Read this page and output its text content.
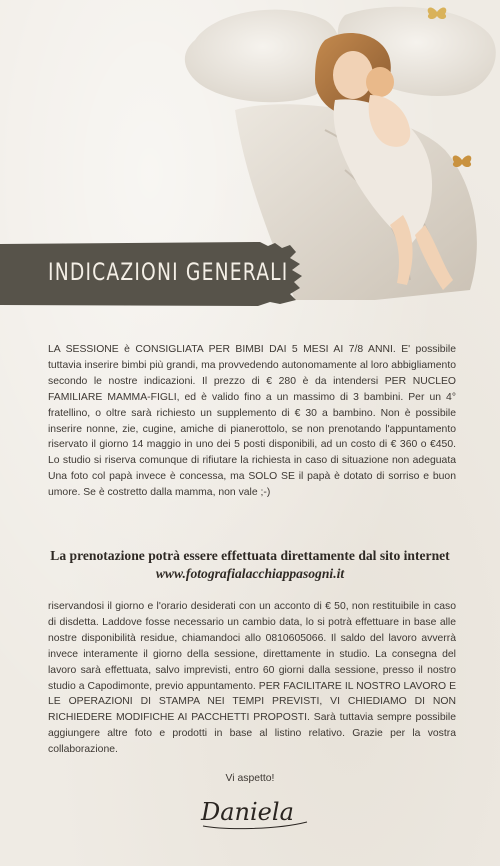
INDICAZIONI GENERALI
LA SESSIONE è CONSIGLIATA PER BIMBI DAI 5 MESI AI 7/8 ANNI. E' possibile tuttavia inserire bimbi più grandi, ma provvedendo autonomamente al loro abbigliamento secondo le nostre indicazioni. Il prezzo di € 280 è da intendersi PER NUCLEO FAMILIARE MAMMA-FIGLI, ed è valido fino a un massimo di 3 bambini. Per un 4° fratellino, o oltre sarà richiesto un supplemento di € 30 a bambino. Non è possibile inserire nonne, zie, cugine, amiche di pianerottolo, se non prenotando l'appuntamento riservato il giorno 14 maggio in uno dei 5 posti disponibili, ad un costo di € 360 o €450. Lo studio si riserva comunque di rifiutare la richiesta in caso di situazione non adeguata Una foto col papà invece è concessa, ma SOLO SE il papà è dotato di sorriso e buon umore. Se è costretto dalla mamma, non vale ;-)
La prenotazione potrà essere effettuata direttamente dal sito internet www.fotografialacchiappasogni.it
riservandosi il giorno e l'orario desiderati con un acconto di € 50, non restituibile in caso di disdetta. Laddove fosse necessario un cambio data, lo si potrà effettuare in base alle nostre disponibilità residue, chiamandoci allo 0810605066. Il saldo del lavoro avverrà invece interamente il giorno della sessione, direttamente in studio. La consegna del lavoro sarà effettuata, salvo imprevisti, entro 60 giorni dalla sessione, presso il nostro studio a Capodimonte, previo appuntamento. PER FACILITARE IL NOSTRO LAVORO E LE OPERAZIONI DI STAMPA NEI TEMPI PREVISTI, VI CHIEDIAMO DI NON RICHIEDERE MODIFICHE AI PACCHETTI PROPOSTI. Sarà tuttavia sempre possibile aggiungere altre foto e prodotti in base al listino relativo. Grazie per la vostra collaborazione.
Vi aspetto!
Daniela
